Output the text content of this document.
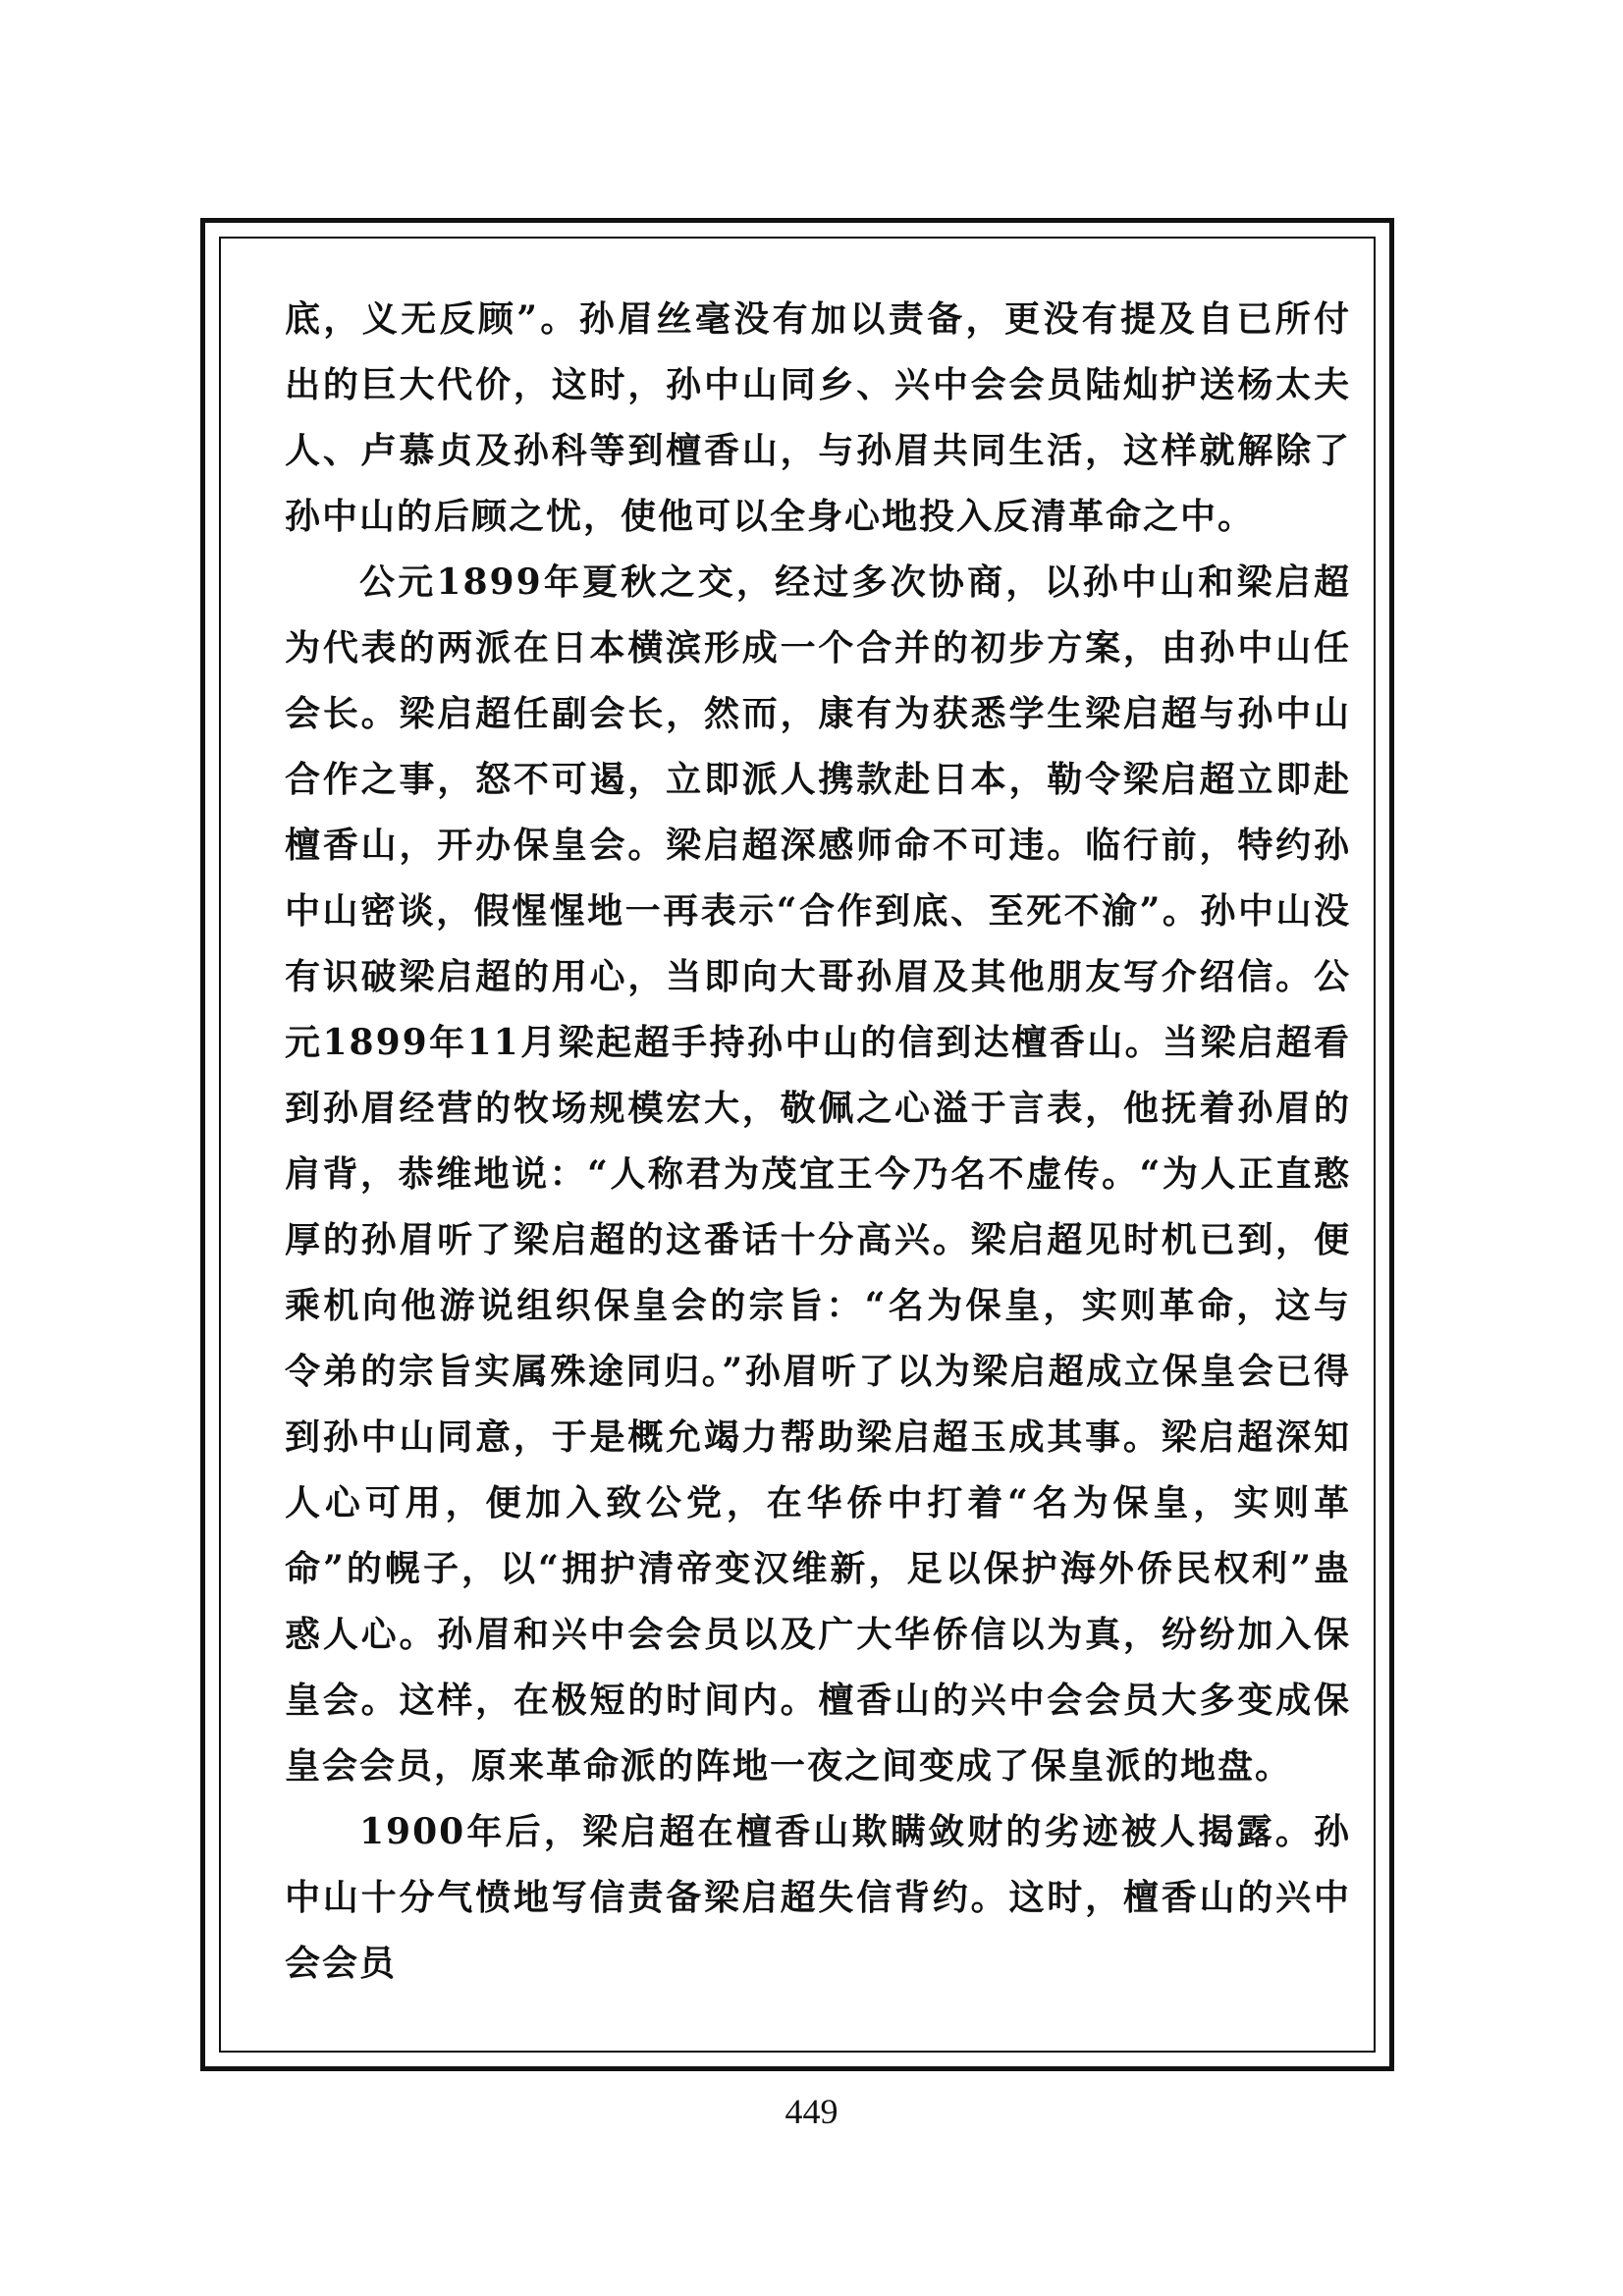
底，义无反顾”。孙眉丝毫没有加以责备，更没有提及自已所付出的巨大代价，这时，孙中山同乡、兴中会会员陆灿护送杨太夫人、卢慕贞及孙科等到檀香山，与孙眉共同生活，这样就解除了孙中山的后顾之忧，使他可以全身心地投入反清革命之中。

公元1899年夏秋之交，经过多次协商，以孙中山和梁启超为代表的两派在日本横滨形成一个合并的初步方案，由孙中山任会长。梁启超任副会长，然而，康有为获悉学生梁启超与孙中山合作之事，怒不可遏，立即派人携款赴日本，勒令梁启超立即赴檀香山，开办保皇会。梁启超深感师命不可违。临行前，特约孙中山密谈，假惺惺地一再表示“合作到底、至死不渝”。孙中山没有识破梁启超的用心，当即向大哥孙眉及其他朋友写介绍信。公元1899年11月梁起超手持孙中山的信到达檀香山。当梁启超看到孙眉经营的牧场规模宏大，敬佩之心溢于言表，他抚着孙眉的肩背，恭维地说：“人称君为茂宜王今乃名不虚传。“为人正直憨厚的孙眉听了梁启超的这番话十分高兴。梁启超见时机已到，便乘机向他游说组织保皇会的宗旨：“名为保皇，实则革命，这与令弟的宗旨实属殊途同归。”孙眉听了以为梁启超成立保皇会已得到孙中山同意，于是概允竭力帮助梁启超玉成其事。梁启超深知人心可用，便加入致公党，在华侨中打着“名为保皇，实则革命”的幌子，以“拥护清帝变汉维新，足以保护海外侨民权利”蛊惑人心。孙眉和兴中会会员以及广大华侨信以为真，纷纷加入保皇会。这样，在极短的时间内。檀香山的兴中会会员大多变成保皇会会员，原来革命派的阵地一夜之间变成了保皇派的地盘。

1900年后，梁启超在檀香山欺瞒敛财的劣迹被人揭露。孙中山十分气愤地写信责备梁启超失信背约。这时，檀香山的兴中会会员

449
